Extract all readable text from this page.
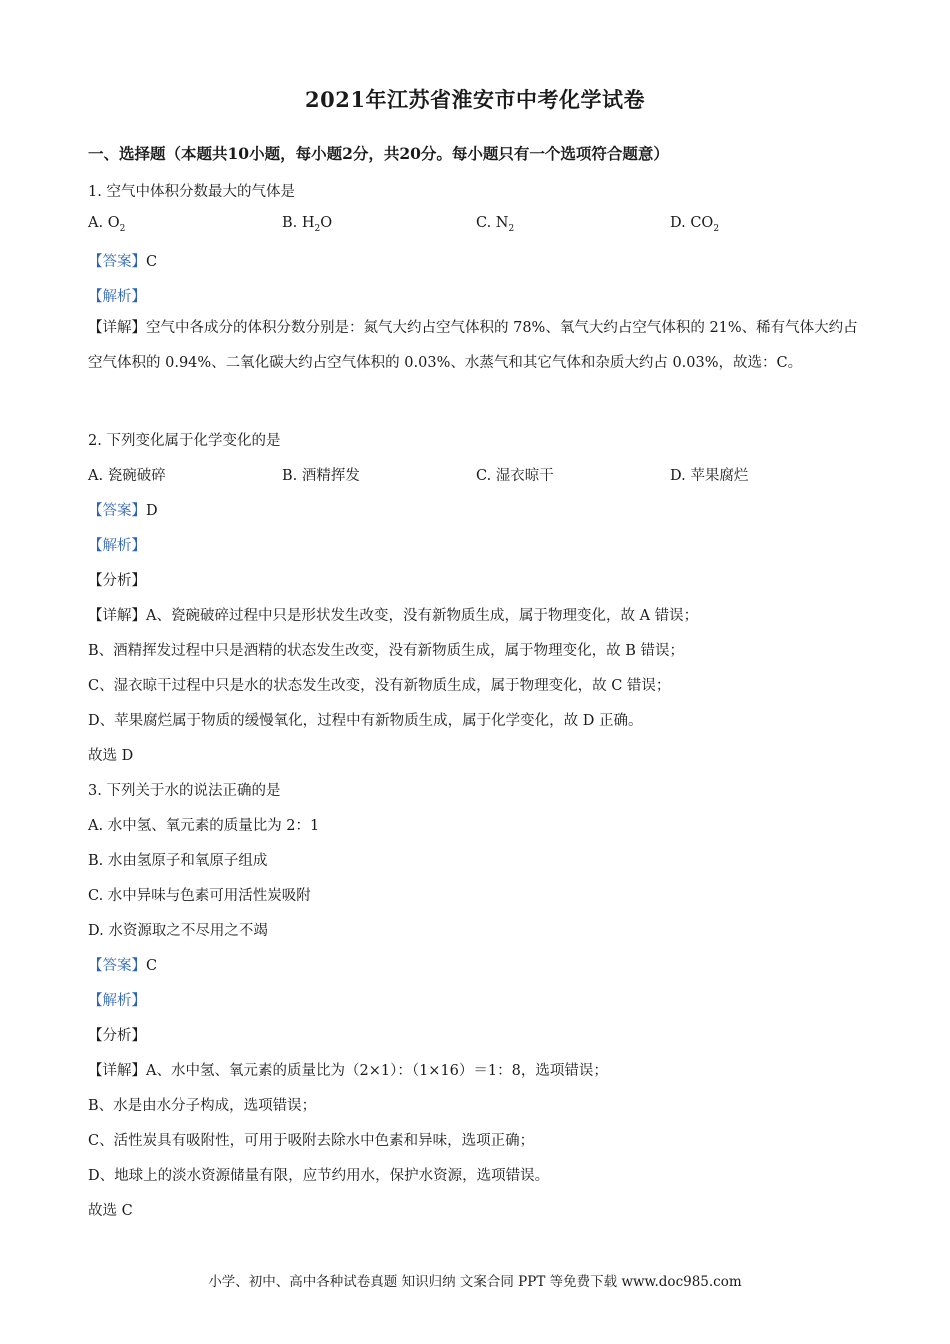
2021年江苏省淮安市中考化学试卷
一、选择题（本题共10小题，每小题2分，共20分。每小题只有一个选项符合题意）
1. 空气中体积分数最大的气体是
A. $O_2$	B. $H_2O$	C. $N_2$	D. $CO_2$
【答案】C
【解析】
【详解】空气中各成分的体积分数分别是：氮气大约占空气体积的 78%、氧气大约占空气体积的 21%、稀有气体大约占空气体积的 0.94%、二氧化碳大约占空气体积的 0.03%、水蒸气和其它气体和杂质大约占 0.03%，故选：C。
2. 下列变化属于化学变化的是
A. 瓷碗破碎	B. 酒精挥发	C. 湿衣晾干	D. 苹果腐烂
【答案】D
【解析】
【分析】
【详解】A、瓷碗破碎过程中只是形状发生改变，没有新物质生成，属于物理变化，故 A 错误；
B、酒精挥发过程中只是酒精的状态发生改变，没有新物质生成，属于物理变化，故 B 错误；
C、湿衣晾干过程中只是水的状态发生改变，没有新物质生成，属于物理变化，故 C 错误；
D、苹果腐烂属于物质的缓慢氧化，过程中有新物质生成，属于化学变化，故 D 正确。
故选 D
3. 下列关于水的说法正确的是
A. 水中氢、氧元素的质量比为 2：1
B. 水由氢原子和氧原子组成
C. 水中异味与色素可用活性炭吸附
D. 水资源取之不尽用之不竭
【答案】C
【解析】
【分析】
【详解】A、水中氢、氧元素的质量比为（2×1）：（1×16）＝1：8，选项错误；
B、水是由水分子构成，选项错误；
C、活性炭具有吸附性，可用于吸附去除水中色素和异味，选项正确；
D、地球上的淡水资源储量有限，应节约用水，保护水资源，选项错误。
故选 C
小学、初中、高中各种试卷真题 知识归纳 文案合同 PPT 等免费下载 www.doc985.com
